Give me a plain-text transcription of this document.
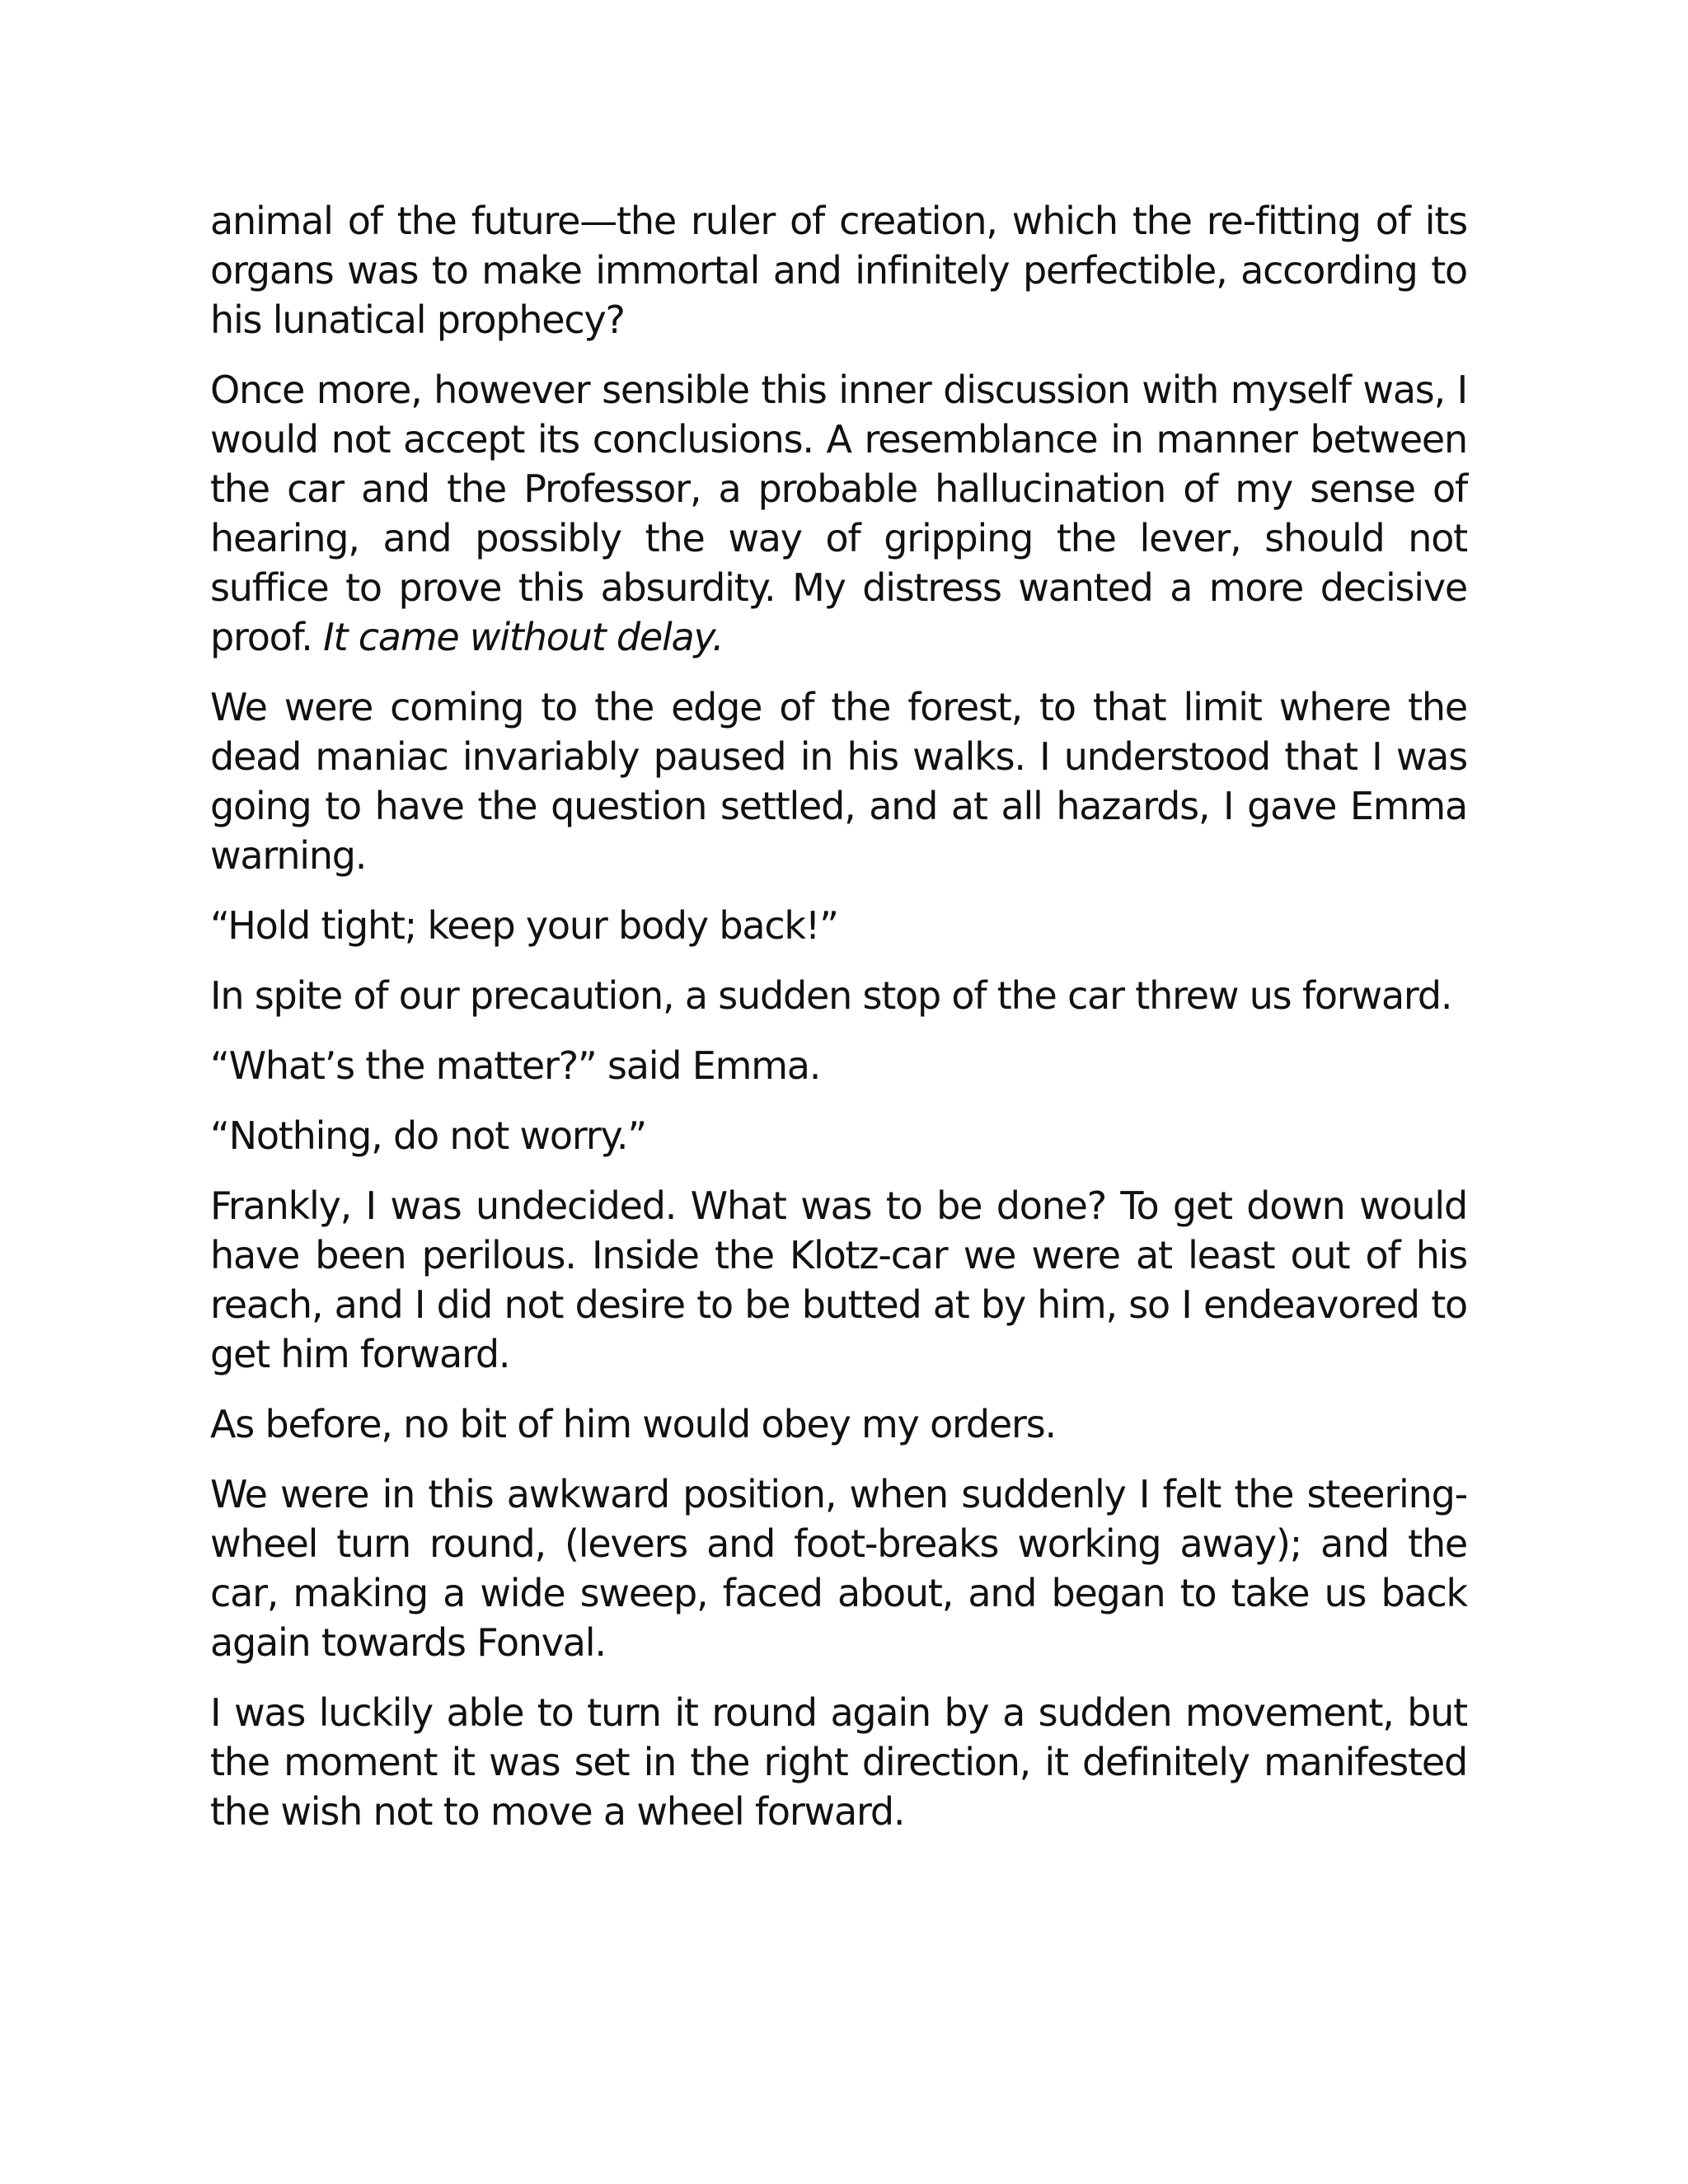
animal of the future—the ruler of creation, which the re-fitting of its organs was to make immortal and infinitely perfectible, according to his lunatical prophecy?

Once more, however sensible this inner discussion with myself was, I would not accept its conclusions. A resemblance in manner between the car and the Professor, a probable hallucination of my sense of hearing, and possibly the way of gripping the lever, should not suffice to prove this absurdity. My distress wanted a more decisive proof. It came without delay.

We were coming to the edge of the forest, to that limit where the dead maniac invariably paused in his walks. I understood that I was going to have the question settled, and at all hazards, I gave Emma warning.

“Hold tight; keep your body back!”

In spite of our precaution, a sudden stop of the car threw us forward.

“What’s the matter?” said Emma.

“Nothing, do not worry.”

Frankly, I was undecided. What was to be done? To get down would have been perilous. Inside the Klotz-car we were at least out of his reach, and I did not desire to be butted at by him, so I endeavored to get him forward.

As before, no bit of him would obey my orders.

We were in this awkward position, when suddenly I felt the steering-wheel turn round, (levers and foot-breaks working away); and the car, making a wide sweep, faced about, and began to take us back again towards Fonval.

I was luckily able to turn it round again by a sudden movement, but the moment it was set in the right direction, it definitely manifested the wish not to move a wheel forward.
